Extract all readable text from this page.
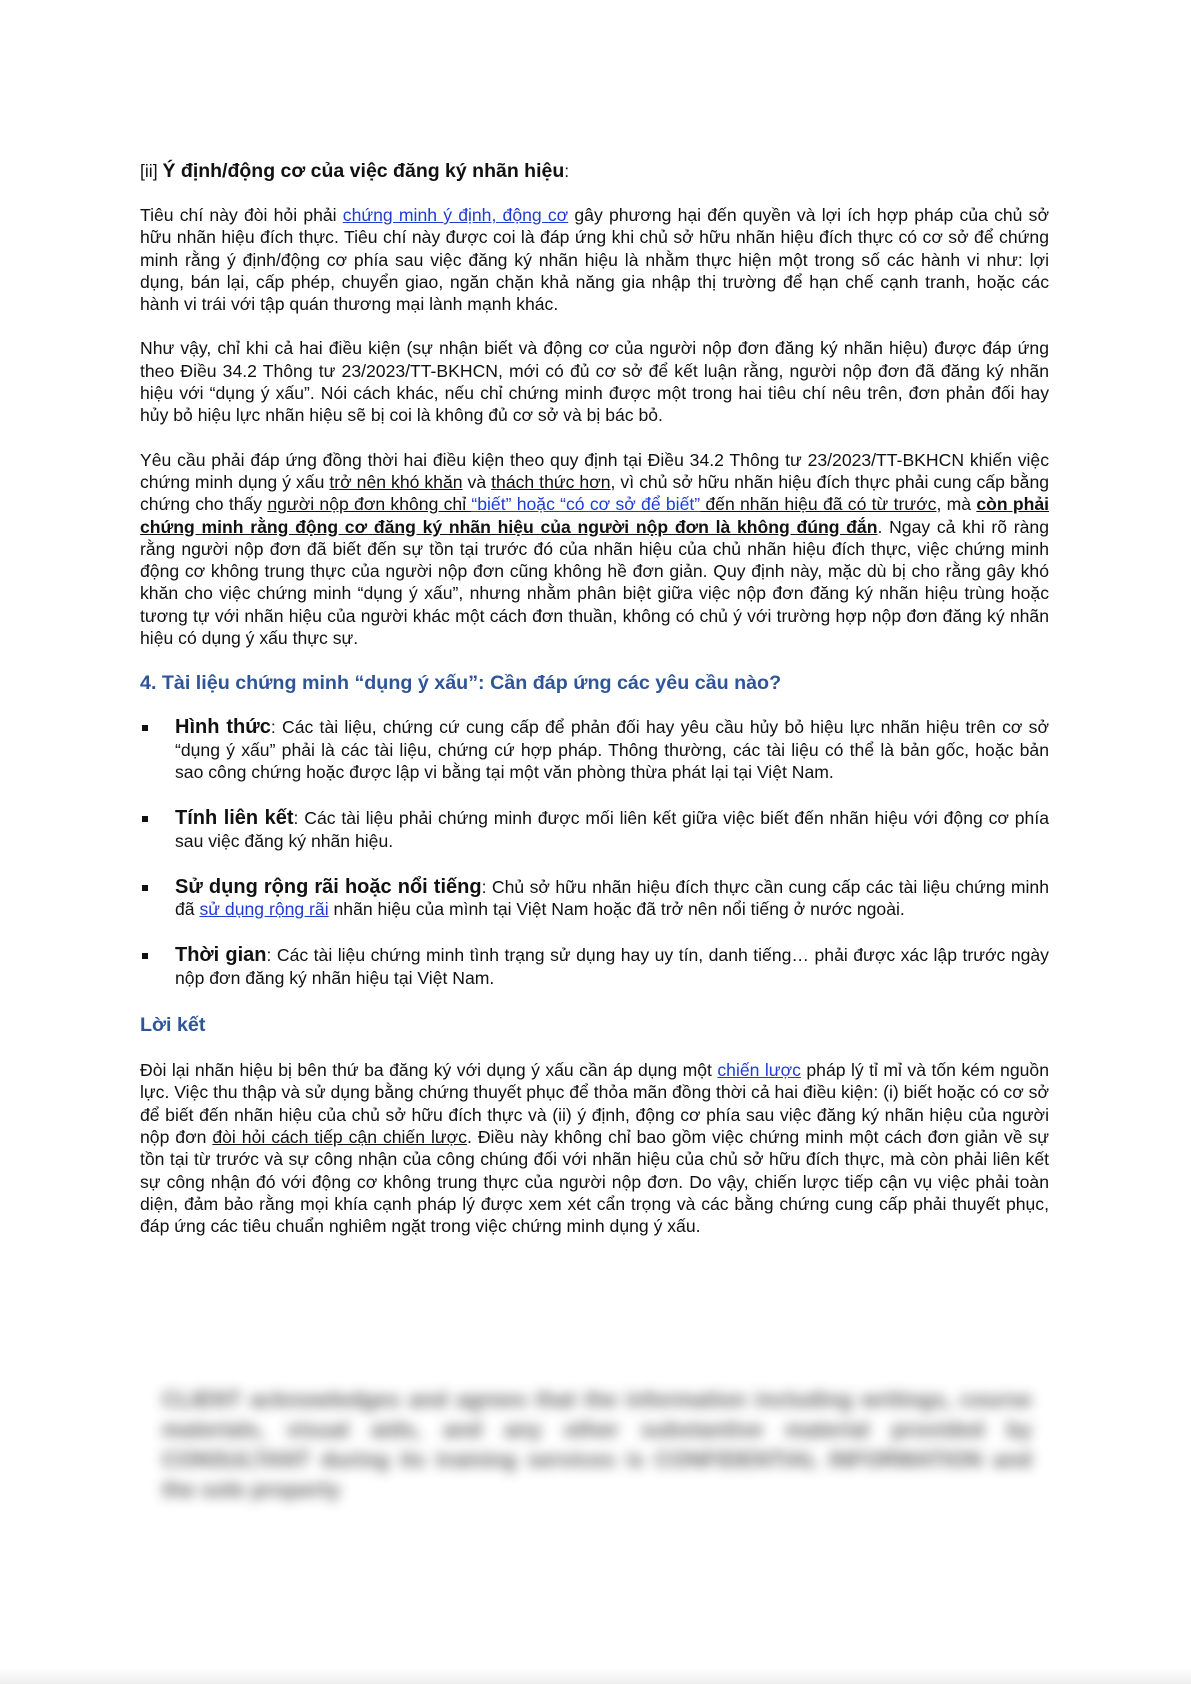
[ii] Ý định/động cơ của việc đăng ký nhãn hiệu:

Tiêu chí này đòi hỏi phải chứng minh ý định, động cơ gây phương hại đến quyền và lợi ích hợp pháp của chủ sở hữu nhãn hiệu đích thực. Tiêu chí này được coi là đáp ứng khi chủ sở hữu nhãn hiệu đích thực có cơ sở để chứng minh rằng ý định/động cơ phía sau việc đăng ký nhãn hiệu là nhằm thực hiện một trong số các hành vi như: lợi dụng, bán lại, cấp phép, chuyển giao, ngăn chặn khả năng gia nhập thị trường để hạn chế cạnh tranh, hoặc các hành vi trái với tập quán thương mại lành mạnh khác.

Như vậy, chỉ khi cả hai điều kiện (sự nhận biết và động cơ của người nộp đơn đăng ký nhãn hiệu) được đáp ứng theo Điều 34.2 Thông tư 23/2023/TT-BKHCN, mới có đủ cơ sở để kết luận rằng, người nộp đơn đã đăng ký nhãn hiệu với “dụng ý xấu”. Nói cách khác, nếu chỉ chứng minh được một trong hai tiêu chí nêu trên, đơn phản đối hay hủy bỏ hiệu lực nhãn hiệu sẽ bị coi là không đủ cơ sở và bị bác bỏ.

Yêu cầu phải đáp ứng đồng thời hai điều kiện theo quy định tại Điều 34.2 Thông tư 23/2023/TT-BKHCN khiến việc chứng minh dụng ý xấu trở nên khó khăn và thách thức hơn, vì chủ sở hữu nhãn hiệu đích thực phải cung cấp bằng chứng cho thấy người nộp đơn không chỉ “biết” hoặc “có cơ sở để biết” đến nhãn hiệu đã có từ trước, mà còn phải chứng minh rằng động cơ đăng ký nhãn hiệu của người nộp đơn là không đúng đắn. Ngay cả khi rõ ràng rằng người nộp đơn đã biết đến sự tồn tại trước đó của nhãn hiệu của chủ nhãn hiệu đích thực, việc chứng minh động cơ không trung thực của người nộp đơn cũng không hề đơn giản. Quy định này, mặc dù bị cho rằng gây khó khăn cho việc chứng minh “dụng ý xấu”, nhưng nhằm phân biệt giữa việc nộp đơn đăng ký nhãn hiệu trùng hoặc tương tự với nhãn hiệu của người khác một cách đơn thuần, không có chủ ý với trường hợp nộp đơn đăng ký nhãn hiệu có dụng ý xấu thực sự.

4. Tài liệu chứng minh “dụng ý xấu”: Cần đáp ứng các yêu cầu nào?
Hình thức: Các tài liệu, chứng cứ cung cấp để phản đối hay yêu cầu hủy bỏ hiệu lực nhãn hiệu trên cơ sở “dụng ý xấu” phải là các tài liệu, chứng cứ hợp pháp. Thông thường, các tài liệu có thể là bản gốc, hoặc bản sao công chứng hoặc được lập vi bằng tại một văn phòng thừa phát lại tại Việt Nam.
Tính liên kết: Các tài liệu phải chứng minh được mối liên kết giữa việc biết đến nhãn hiệu với động cơ phía sau việc đăng ký nhãn hiệu.
Sử dụng rộng rãi hoặc nổi tiếng: Chủ sở hữu nhãn hiệu đích thực cần cung cấp các tài liệu chứng minh đã sử dụng rộng rãi nhãn hiệu của mình tại Việt Nam hoặc đã trở nên nổi tiếng ở nước ngoài.
Thời gian: Các tài liệu chứng minh tình trạng sử dụng hay uy tín, danh tiếng… phải được xác lập trước ngày nộp đơn đăng ký nhãn hiệu tại Việt Nam.
Lời kết

Đòi lại nhãn hiệu bị bên thứ ba đăng ký với dụng ý xấu cần áp dụng một chiến lược pháp lý tỉ mỉ và tốn kém nguồn lực. Việc thu thập và sử dụng bằng chứng thuyết phục để thỏa mãn đồng thời cả hai điều kiện: (i) biết hoặc có cơ sở để biết đến nhãn hiệu của chủ sở hữu đích thực và (ii) ý định, động cơ phía sau việc đăng ký nhãn hiệu của người nộp đơn đòi hỏi cách tiếp cận chiến lược. Điều này không chỉ bao gồm việc chứng minh một cách đơn giản về sự tồn tại từ trước và sự công nhận của công chúng đối với nhãn hiệu của chủ sở hữu đích thực, mà còn phải liên kết sự công nhận đó với động cơ không trung thực của người nộp đơn. Do vậy, chiến lược tiếp cận vụ việc phải toàn diện, đảm bảo rằng mọi khía cạnh pháp lý được xem xét cẩn trọng và các bằng chứng cung cấp phải thuyết phục, đáp ứng các tiêu chuẩn nghiêm ngặt trong việc chứng minh dụng ý xấu.

CLIENT acknowledges and agrees that the information including writings, course materials, visual aids, and any other substantive material provided by CONSULTANT during its training services is CONFIDENTIAL INFORMATION and the sole property
